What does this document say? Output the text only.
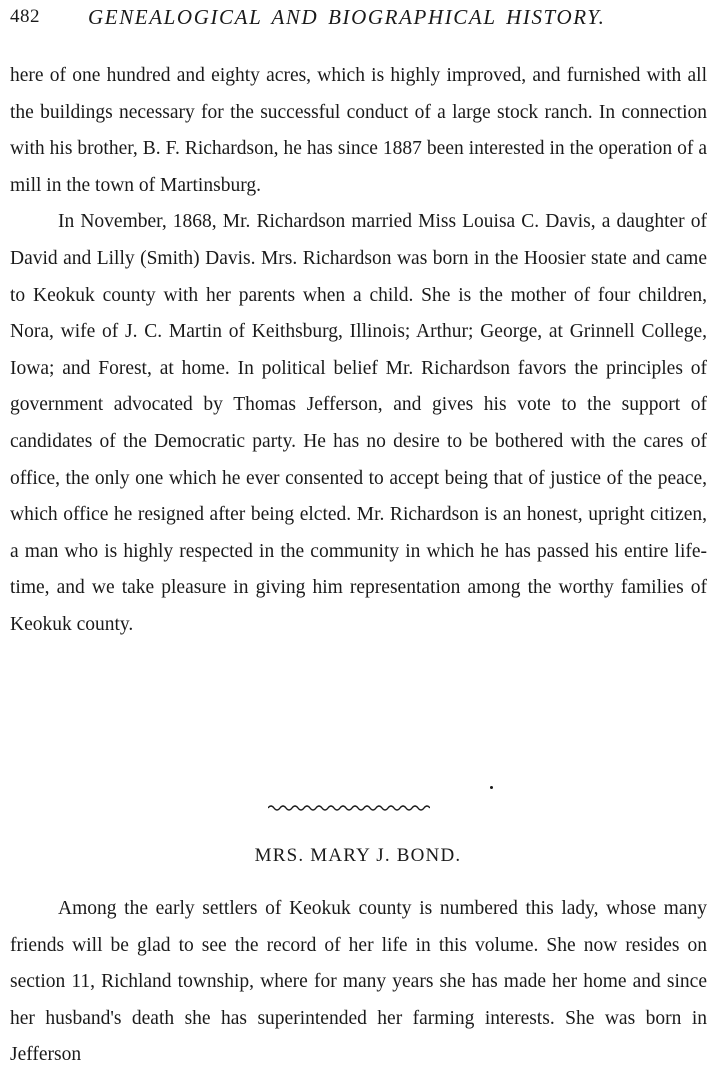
482 GENEALOGICAL AND BIOGRAPHICAL HISTORY.

here of one hundred and eighty acres, which is highly improved, and furnished with all the buildings necessary for the successful conduct of a large stock ranch. In connection with his brother, B. F. Richardson, he has since 1887 been interested in the operation of a mill in the town of Martinsburg.

In November, 1868, Mr. Richardson married Miss Louisa C. Davis, a daughter of David and Lilly (Smith) Davis. Mrs. Richardson was born in the Hoosier state and came to Keokuk county with her parents when a child. She is the mother of four children, Nora, wife of J. C. Martin of Keithsburg, Illinois; Arthur; George, at Grinnell College, Iowa; and Forest, at home. In political belief Mr. Richardson favors the principles of government advocated by Thomas Jefferson, and gives his vote to the support of candidates of the Democratic party. He has no desire to be bothered with the cares of office, the only one which he ever consented to accept being that of justice of the peace, which office he resigned after being elcted. Mr. Richardson is an honest, upright citizen, a man who is highly respected in the community in which he has passed his entire life-time, and we take pleasure in giving him representation among the worthy families of Keokuk county.

MRS. MARY J. BOND.

Among the early settlers of Keokuk county is numbered this lady, whose many friends will be glad to see the record of her life in this volume. She now resides on section 11, Richland township, where for many years she has made her home and since her husband's death she has superintended her farming interests. She was born in Jefferson
